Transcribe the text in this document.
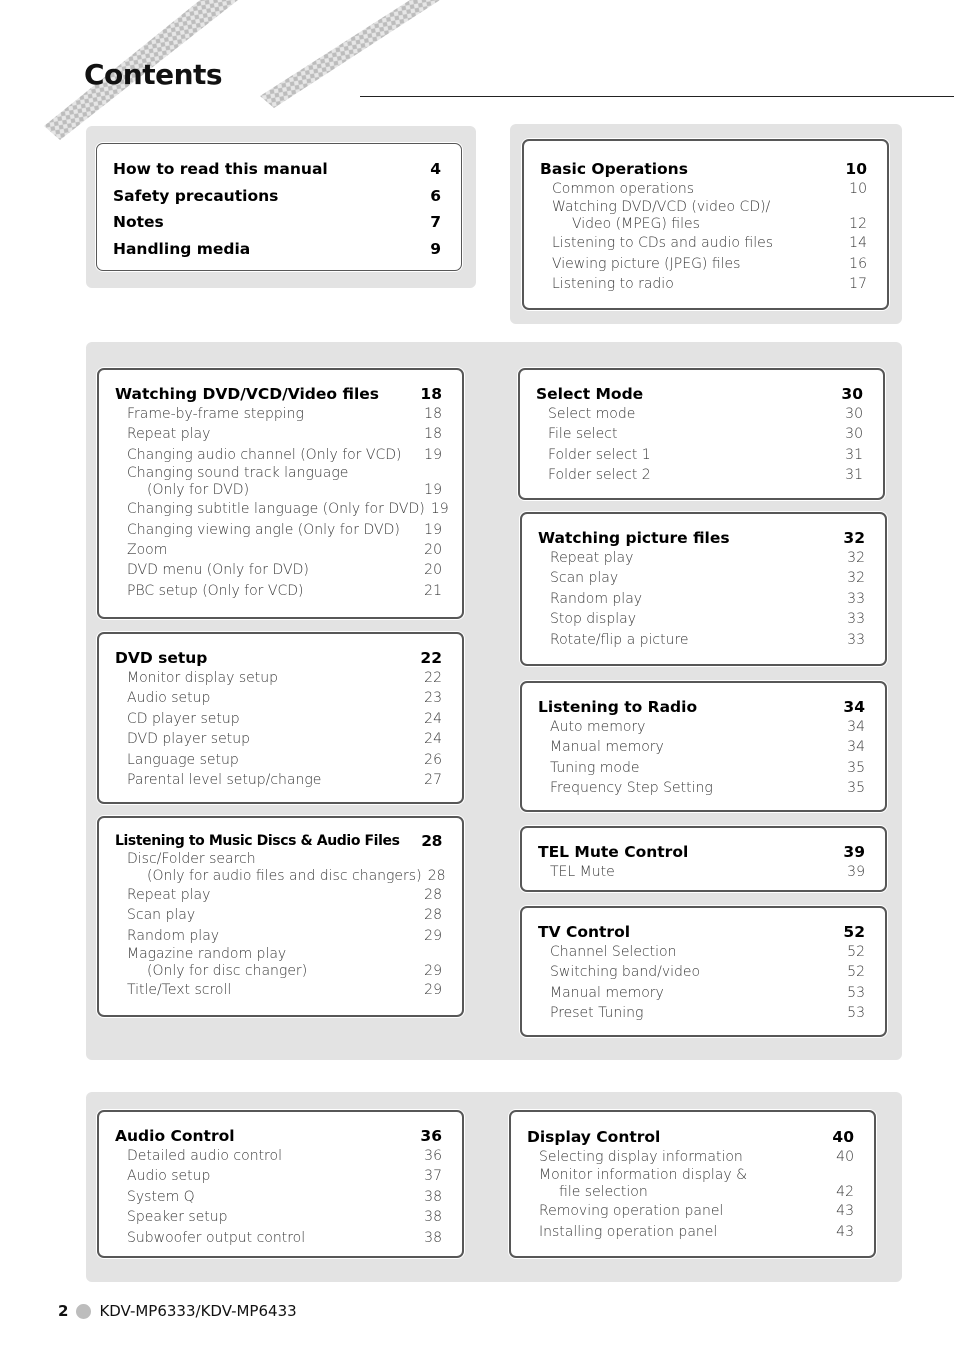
Contents
How to read this manual	4
Safety precautions	6
Notes	7
Handling media	9
Basic Operations	10
Common operations	10
Watching DVD/VCD (video CD)/
Video (MPEG) files	12
Listening to CDs and audio files	14
Viewing picture (JPEG) files	16
Listening to radio	17
Watching DVD/VCD/Video files	18
Frame-by-frame stepping	18
Repeat play	18
Changing audio channel (Only for VCD)	19
Changing sound track language
(Only for DVD)	19
Changing subtitle language (Only for DVD) 19
Changing viewing angle (Only for DVD)	19
Zoom	20
DVD menu (Only for DVD)	20
PBC setup (Only for VCD)	21
DVD setup	22
Monitor display setup	22
Audio setup	23
CD player setup	24
DVD player setup	24
Language setup	26
Parental level setup/change	27
Listening to Music Discs & Audio Files 28
Disc/Folder search
(Only for audio files and disc changers) 28
Repeat play	28
Scan play	28
Random play	29
Magazine random play
(Only for disc changer)	29
Title/Text scroll	29
Select Mode	30
Select mode	30
File select	30
Folder select 1	31
Folder select 2	31
Watching picture files	32
Repeat play	32
Scan play	32
Random play	33
Stop display	33
Rotate/flip a picture	33
Listening to Radio	34
Auto memory	34
Manual memory	34
Tuning mode	35
Frequency Step Setting	35
TEL Mute Control	39
TEL Mute	39
TV Control	52
Channel Selection	52
Switching band/video	52
Manual memory	53
Preset Tuning	53
Audio Control	36
Detailed audio control	36
Audio setup	37
System Q	38
Speaker setup	38
Subwoofer output control	38
Display Control	40
Selecting display information	40
Monitor information display &
file selection	42
Removing operation panel	43
Installing operation panel	43
2 KDV-MP6333/KDV-MP6433
